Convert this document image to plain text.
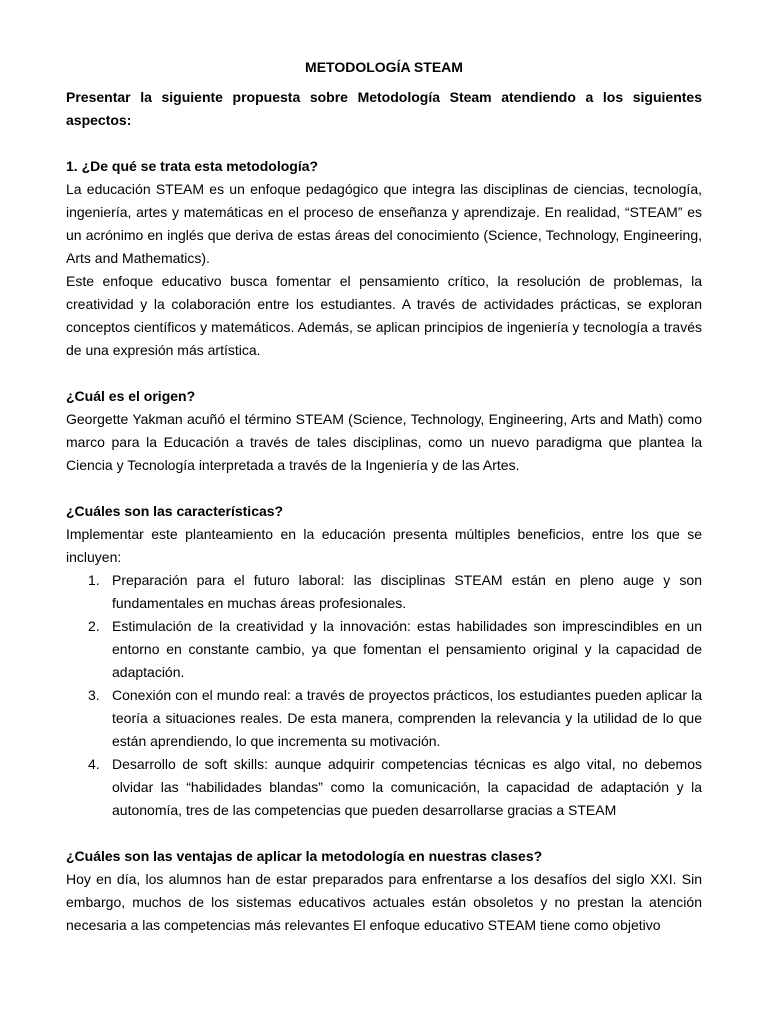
METODOLOGÍA STEAM

Presentar la siguiente propuesta sobre Metodología Steam atendiendo a los siguientes aspectos:

1. ¿De qué se trata esta metodología?

La educación STEAM es un enfoque pedagógico que integra las disciplinas de ciencias, tecnología, ingeniería, artes y matemáticas en el proceso de enseñanza y aprendizaje. En realidad, “STEAM” es un acrónimo en inglés que deriva de estas áreas del conocimiento (Science, Technology, Engineering, Arts and Mathematics).

Este enfoque educativo busca fomentar el pensamiento crítico, la resolución de problemas, la creatividad y la colaboración entre los estudiantes. A través de actividades prácticas, se exploran conceptos científicos y matemáticos. Además, se aplican principios de ingeniería y tecnología a través de una expresión más artística.

¿Cuál es el origen?

Georgette Yakman acuñó el término STEAM (Science, Technology, Engineering, Arts and Math) como marco para la Educación a través de tales disciplinas, como un nuevo paradigma que plantea la Ciencia y Tecnología interpretada a través de la Ingeniería y de las Artes.

¿Cuáles son las características?

Implementar este planteamiento en la educación presenta múltiples beneficios, entre los que se incluyen:

1. Preparación para el futuro laboral: las disciplinas STEAM están en pleno auge y son fundamentales en muchas áreas profesionales.
2. Estimulación de la creatividad y la innovación: estas habilidades son imprescindibles en un entorno en constante cambio, ya que fomentan el pensamiento original y la capacidad de adaptación.
3. Conexión con el mundo real: a través de proyectos prácticos, los estudiantes pueden aplicar la teoría a situaciones reales. De esta manera, comprenden la relevancia y la utilidad de lo que están aprendiendo, lo que incrementa su motivación.
4. Desarrollo de soft skills: aunque adquirir competencias técnicas es algo vital, no debemos olvidar las “habilidades blandas” como la comunicación, la capacidad de adaptación y la autonomía, tres de las competencias que pueden desarrollarse gracias a STEAM

¿Cuáles son las ventajas de aplicar la metodología en nuestras clases?

Hoy en día, los alumnos han de estar preparados para enfrentarse a los desafíos del siglo XXI. Sin embargo, muchos de los sistemas educativos actuales están obsoletos y no prestan la atención necesaria a las competencias más relevantes El enfoque educativo STEAM tiene como objetivo
